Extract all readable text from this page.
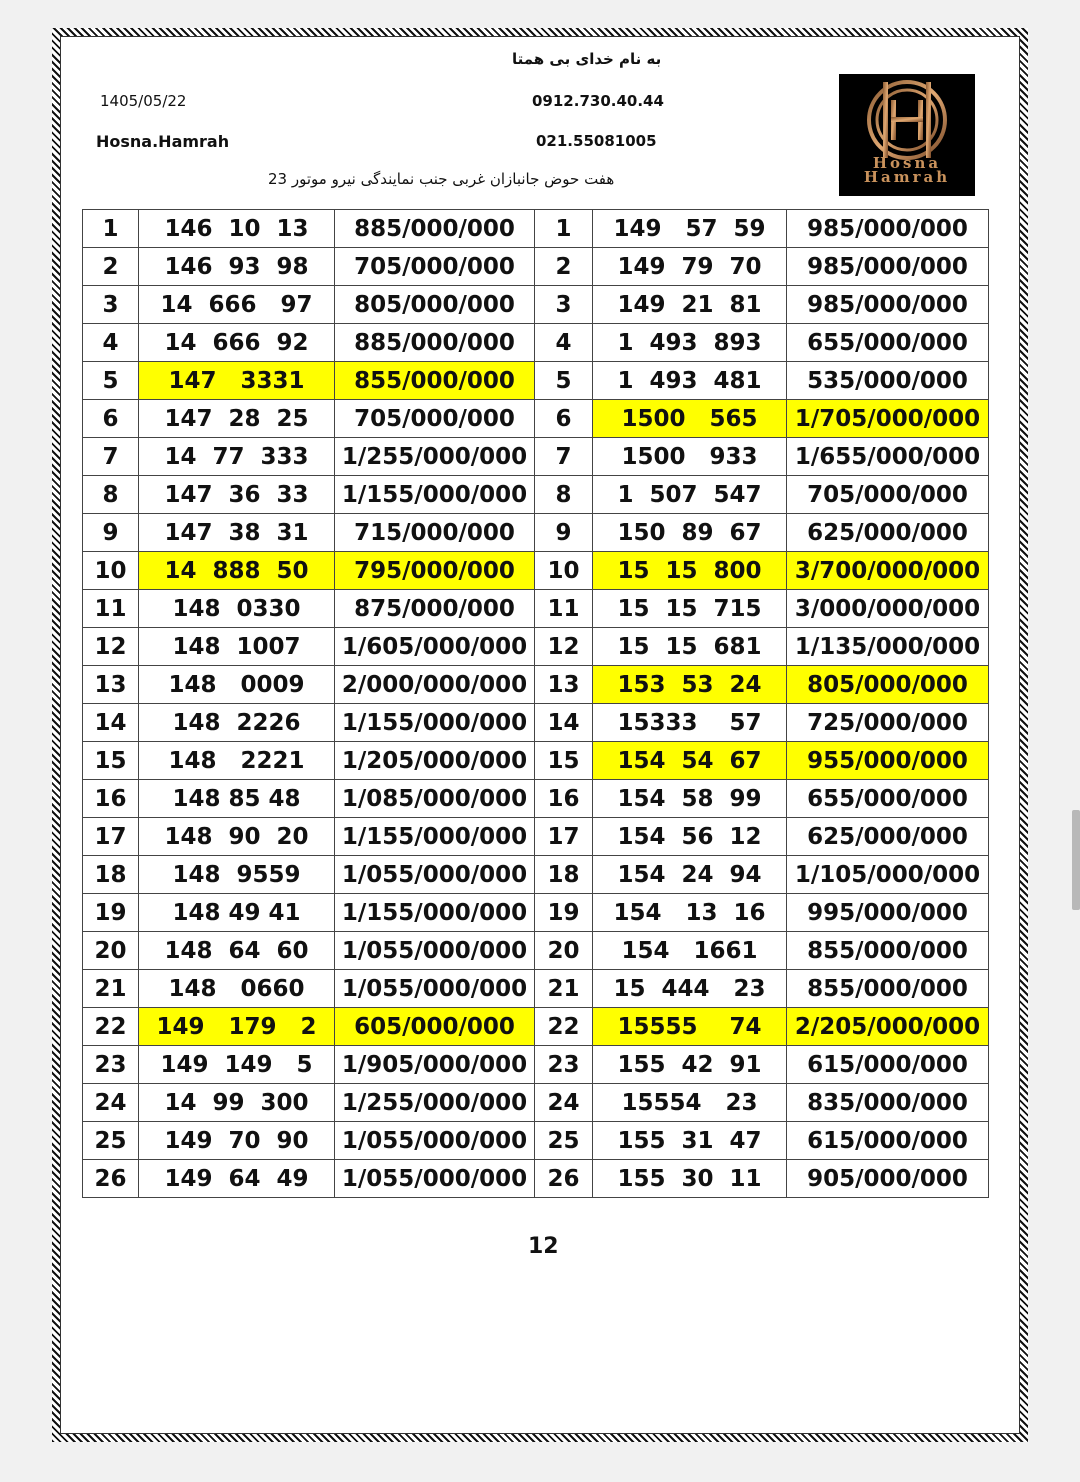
به نام خدای بی همتا
1405/05/22	0912.730.40.44
Hosna.Hamrah	021.55081005
هفت حوض جانبازان غربی جنب نمایندگی نیرو موتور 23
Hosna
Hamrah
1	146  10  13	885/000/000	1	149   57  59	985/000/000
2	146  93  98	705/000/000	2	149  79  70	985/000/000
3	14  666   97	805/000/000	3	149  21  81	985/000/000
4	14  666  92	885/000/000	4	1  493  893	655/000/000
5	147   3331	855/000/000	5	1  493  481	535/000/000
6	147  28  25	705/000/000	6	1500   565	1/705/000/000
7	14  77  333	1/255/000/000	7	1500   933	1/655/000/000
8	147  36  33	1/155/000/000	8	1  507  547	705/000/000
9	147  38  31	715/000/000	9	150  89  67	625/000/000
10	14  888  50	795/000/000	10	15  15  800	3/700/000/000
11	148  0330	875/000/000	11	15  15  715	3/000/000/000
12	148  1007	1/605/000/000	12	15  15  681	1/135/000/000
13	148   0009	2/000/000/000	13	153  53  24	805/000/000
14	148  2226	1/155/000/000	14	15333    57	725/000/000
15	148   2221	1/205/000/000	15	154  54  67	955/000/000
16	148 85 48	1/085/000/000	16	154  58  99	655/000/000
17	148  90  20	1/155/000/000	17	154  56  12	625/000/000
18	148  9559	1/055/000/000	18	154  24  94	1/105/000/000
19	148 49 41	1/155/000/000	19	154   13  16	995/000/000
20	148  64  60	1/055/000/000	20	154   1661	855/000/000
21	148   0660	1/055/000/000	21	15  444   23	855/000/000
22	149   179   2	605/000/000	22	15555    74	2/205/000/000
23	149  149   5	1/905/000/000	23	155  42  91	615/000/000
24	14  99  300	1/255/000/000	24	15554   23	835/000/000
25	149  70  90	1/055/000/000	25	155  31  47	615/000/000
26	149  64  49	1/055/000/000	26	155  30  11	905/000/000
12
